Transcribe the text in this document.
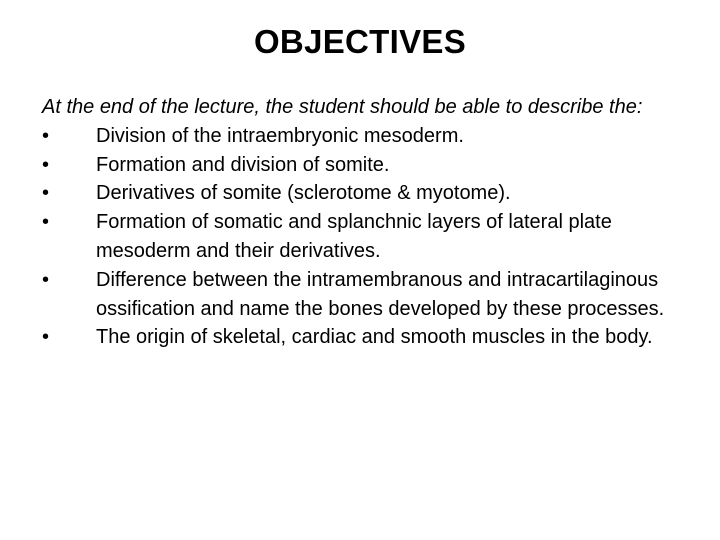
OBJECTIVES
At the end of the lecture, the student should be able to describe the:
•	Division of the intraembryonic mesoderm.
•	Formation and division of somite.
•	Derivatives of somite (sclerotome & myotome).
•	Formation of somatic and splanchnic layers of lateral plate mesoderm and their derivatives.
•	Difference between the intramembranous and intracartilaginous ossification and name the bones developed by these processes.
•	The origin of skeletal, cardiac and smooth muscles in the body.
